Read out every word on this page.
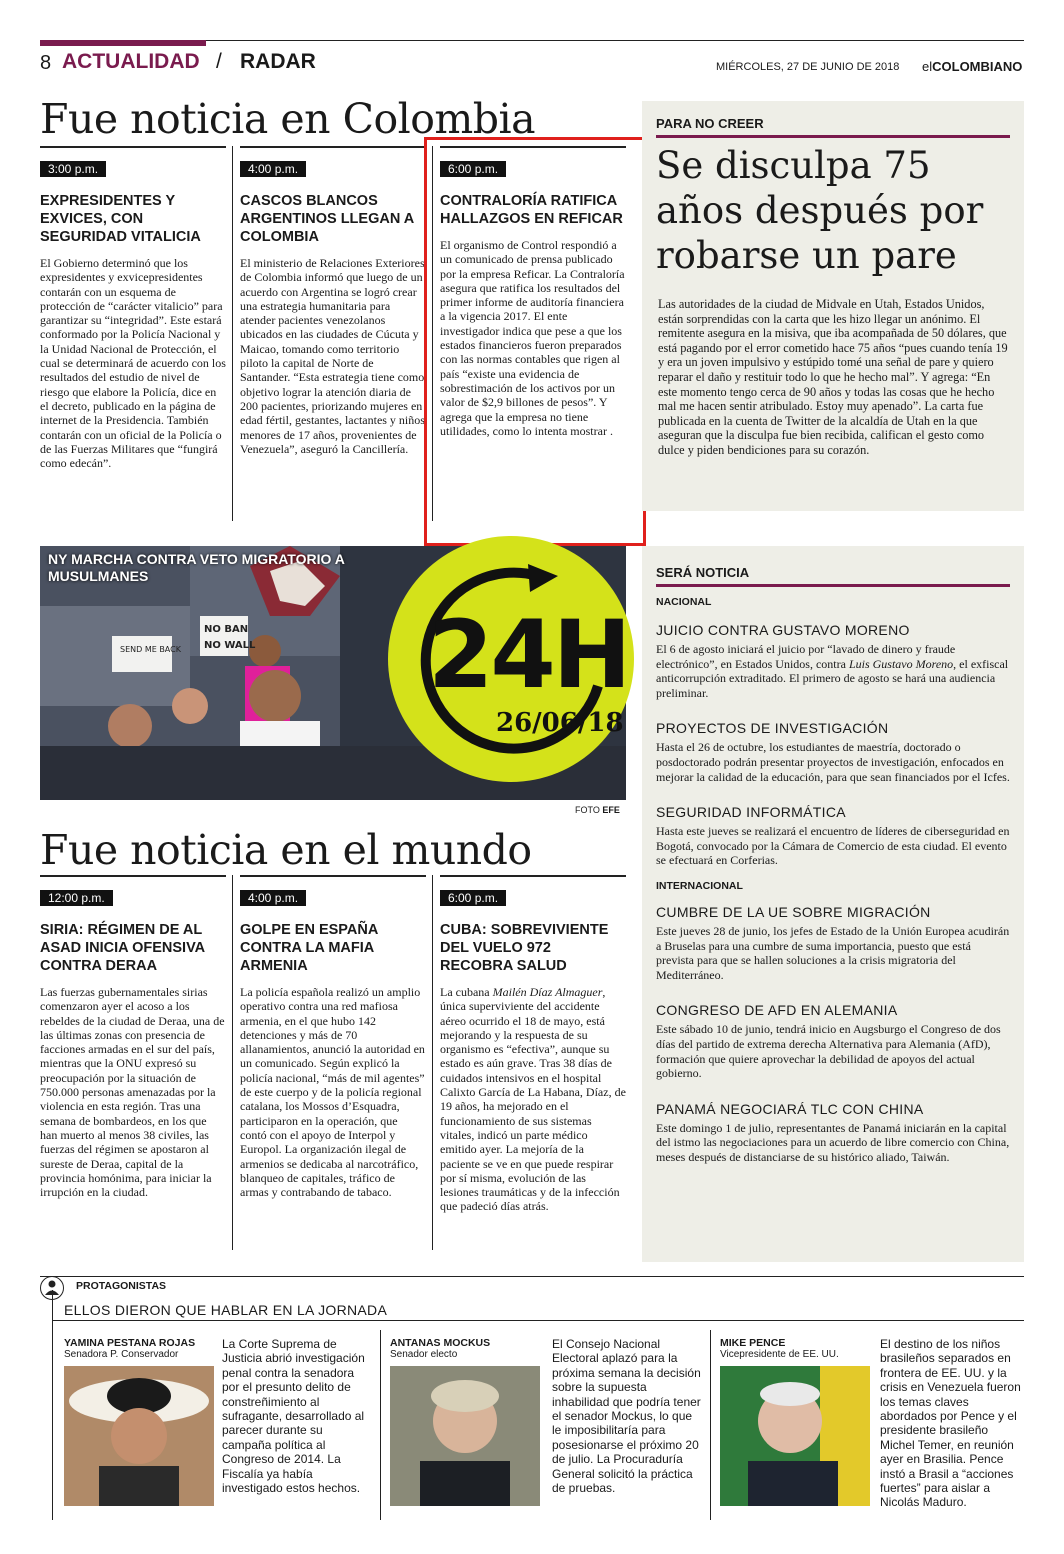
8 ACTUALIDAD / RADAR	MIÉRCOLES, 27 DE JUNIO DE 2018 elCOLOMBIANO
Fue noticia en Colombia
3:00 p.m.
EXPRESIDENTES Y EXVICES, CON SEGURIDAD VITALICIA
El Gobierno determinó que los expresidentes y exvicepresidentes contarán con un esquema de protección de “carácter vitalicio” para garantizar su “integridad”. Este estará conformado por la Policía Nacional y la Unidad Nacional de Protección, el cual se determinará de acuerdo con los resultados del estudio de nivel de riesgo que elabore la Policía, dice en el decreto, publicado en la página de internet de la Presidencia. También contarán con un oficial de la Policía o de las Fuerzas Militares que “fungirá como edecán”.
4:00 p.m.
CASCOS BLANCOS ARGENTINOS LLEGAN A COLOMBIA
El ministerio de Relaciones Exteriores de Colombia informó que luego de un acuerdo con Argentina se logró crear una estrategia humanitaria para atender pacientes venezolanos ubicados en las ciudades de Cúcuta y Maicao, tomando como territorio piloto la capital de Norte de Santander. “Esta estrategia tiene como objetivo lograr la atención diaria de 200 pacientes, priorizando mujeres en edad fértil, gestantes, lactantes y niños menores de 17 años, provenientes de Venezuela”, aseguró la Cancillería.
6:00 p.m.
CONTRALORÍA RATIFICA HALLAZGOS EN REFICAR
El organismo de Control respondió a un comunicado de prensa publicado por la empresa Reficar. La Contraloría asegura que ratifica los resultados del primer informe de auditoría financiera a la vigencia 2017. El ente investigador indica que pese a que los estados financieros fueron preparados con las normas contables que rigen al país “existe una evidencia de sobrestimación de los activos por un valor de $2,9 billones de pesos”. Y agrega que la empresa no tiene utilidades, como lo intenta mostrar .
PARA NO CREER
Se disculpa 75 años después por robarse un pare
Las autoridades de la ciudad de Midvale en Utah, Estados Unidos, están sorprendidas con la carta que les hizo llegar un anónimo. El remitente asegura en la misiva, que iba acompañada de 50 dólares, que está pagando por el error cometido hace 75 años “pues cuando tenía 19 y era un joven impulsivo y estúpido tomé una señal de pare y quiero reparar el daño y restituir todo lo que he hecho mal”. Y agrega: “En este momento tengo cerca de 90 años y todas las cosas que he hecho mal me hacen sentir atribulado. Estoy muy apenado”. La carta fue publicada en la cuenta de Twitter de la alcaldía de Utah en la que aseguran que la disculpa fue bien recibida, califican el gesto como dulce y piden bendiciones para su corazón.
SEND ME BACK
NO BAN
NO WALL
NY MARCHA CONTRA VETO MIGRATORIO A MUSULMANES
24H
26/06/18
FOTO EFE
Fue noticia en el mundo
12:00 p.m.
SIRIA: RÉGIMEN DE AL ASAD INICIA OFENSIVA CONTRA DERAA
Las fuerzas gubernamentales sirias comenzaron ayer el acoso a los rebeldes de la ciudad de Deraa, una de las últimas zonas con presencia de facciones armadas en el sur del país, mientras que la ONU expresó su preocupación por la situación de 750.000 personas amenazadas por la violencia en esta región. Tras una semana de bombardeos, en los que han muerto al menos 38 civiles, las fuerzas del régimen se apostaron al sureste de Deraa, capital de la provincia homónima, para iniciar la irrupción en la ciudad.
4:00 p.m.
GOLPE EN ESPAÑA CONTRA LA MAFIA ARMENIA
La policía española realizó un amplio operativo contra una red mafiosa armenia, en el que hubo 142 detenciones y más de 70 allanamientos, anunció la autoridad en un comunicado. Según explicó la policía nacional, “más de mil agentes” de este cuerpo y de la policía regional catalana, los Mossos d’Esquadra, participaron en la operación, que contó con el apoyo de Interpol y Europol. La organización ilegal de armenios se dedicaba al narcotráfico, blanqueo de capitales, tráfico de armas y contrabando de tabaco.
6:00 p.m.
CUBA: SOBREVIVIENTE DEL VUELO 972 RECOBRA SALUD
La cubana Mailén Díaz Almaguer, única superviviente del accidente aéreo ocurrido el 18 de mayo, está mejorando y la respuesta de su organismo es “efectiva”, aunque su estado es aún grave. Tras 38 días de cuidados intensivos en el hospital Calixto García de La Habana, Díaz, de 19 años, ha mejorado en el funcionamiento de sus sistemas vitales, indicó un parte médico emitido ayer. La mejoría de la paciente se ve en que puede respirar por sí misma, evolución de las lesiones traumáticas y de la infección que padeció días atrás.
SERÁ NOTICIA
NACIONAL
JUICIO CONTRA GUSTAVO MORENO
El 6 de agosto iniciará el juicio por “lavado de dinero y fraude electrónico”, en Estados Unidos, contra Luis Gustavo Moreno, el exfiscal anticorrupción extraditado. El primero de agosto se hará una audiencia preliminar.
PROYECTOS DE INVESTIGACIÓN
Hasta el 26 de octubre, los estudiantes de maestría, doctorado o posdoctorado podrán presentar proyectos de investigación, enfocados en mejorar la calidad de la educación, para que sean financiados por el Icfes.
SEGURIDAD INFORMÁTICA
Hasta este jueves se realizará el encuentro de líderes de ciberseguridad en Bogotá, convocado por la Cámara de Comercio de esta ciudad. El evento se efectuará en Corferias.
INTERNACIONAL
CUMBRE DE LA UE SOBRE MIGRACIÓN
Este jueves 28 de junio, los jefes de Estado de la Unión Europea acudirán a Bruselas para una cumbre de suma importancia, puesto que está prevista para que se hallen soluciones a la crisis migratoria del Mediterráneo.
CONGRESO DE AFD EN ALEMANIA
Este sábado 10 de junio, tendrá inicio en Augsburgo el Congreso de dos días del partido de extrema derecha Alternativa para Alemania (AfD), formación que quiere aprovechar la debilidad de apoyos del actual gobierno.
PANAMÁ NEGOCIARÁ TLC CON CHINA
Este domingo 1 de julio, representantes de Panamá iniciarán en la capital del istmo las negociaciones para un acuerdo de libre comercio con China, meses después de distanciarse de su histórico aliado, Taiwán.
PROTAGONISTAS
ELLOS DIERON QUE HABLAR EN LA JORNADA
YAMINA PESTANA ROJAS
Senadora P. Conservador
La Corte Suprema de Justicia abrió investigación penal contra la senadora por el presunto delito de constreñimiento al sufragante, desarrollado al parecer durante su campaña política al Congreso de 2014. La Fiscalía ya había investigado estos hechos.
ANTANAS MOCKUS
Senador electo
El Consejo Nacional Electoral aplazó para la próxima semana la decisión sobre la supuesta inhabilidad que podría tener el senador Mockus, lo que le imposibilitaría para posesionarse el próximo 20 de julio. La Procuraduría General solicitó la práctica de pruebas.
MIKE PENCE
Vicepresidente de EE. UU.
El destino de los niños brasileños separados en frontera de EE. UU. y la crisis en Venezuela fueron los temas claves abordados por Pence y el presidente brasileño Michel Temer, en reunión ayer en Brasilia. Pence instó a Brasil a “acciones fuertes” para aislar a Nicolás Maduro.
